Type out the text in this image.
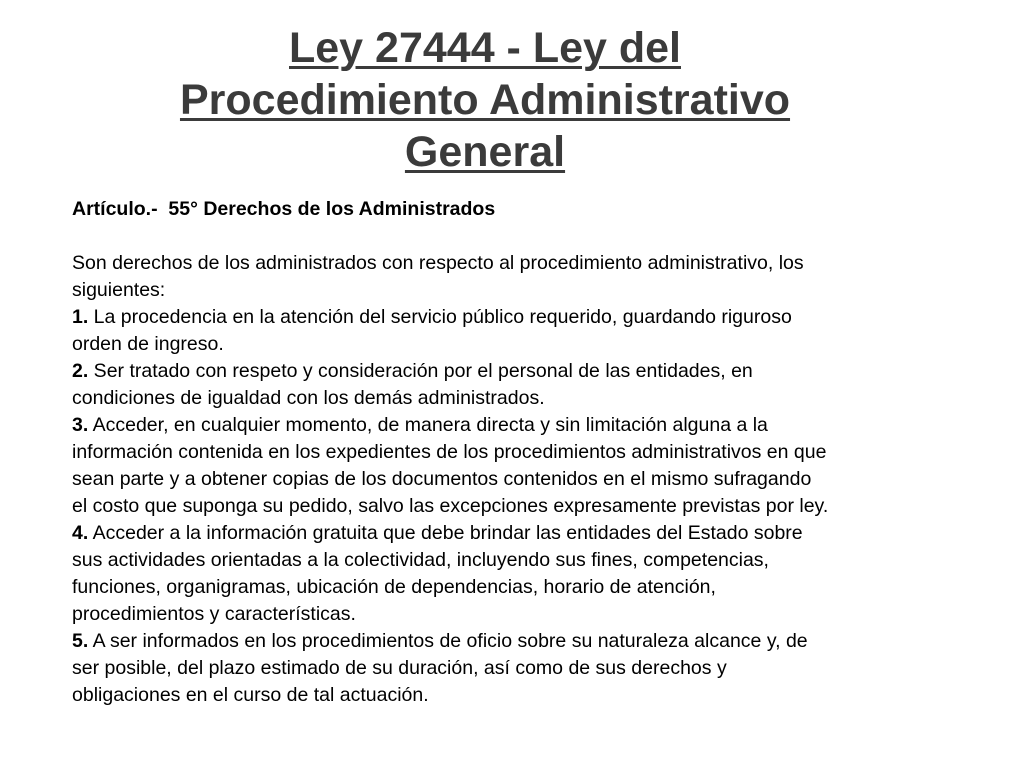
Ley 27444 - Ley del
Procedimiento Administrativo
General
Artículo.-  55° Derechos de los Administrados
Son derechos de los administrados con respecto al procedimiento administrativo, los
siguientes:
1. La procedencia en la atención del servicio público requerido, guardando riguroso
orden de ingreso.
2. Ser tratado con respeto y consideración por el personal de las entidades, en
condiciones de igualdad con los demás administrados.
3. Acceder, en cualquier momento, de manera directa y sin limitación alguna a la
información contenida en los expedientes de los procedimientos administrativos en que
sean parte y a obtener copias de los documentos contenidos en el mismo sufragando
el costo que suponga su pedido, salvo las excepciones expresamente previstas por ley.
4. Acceder a la información gratuita que debe brindar las entidades del Estado sobre
sus actividades orientadas a la colectividad, incluyendo sus fines, competencias,
funciones, organigramas, ubicación de dependencias, horario de atención,
procedimientos y características.
5. A ser informados en los procedimientos de oficio sobre su naturaleza alcance y, de
ser posible, del plazo estimado de su duración, así como de sus derechos y
obligaciones en el curso de tal actuación.
